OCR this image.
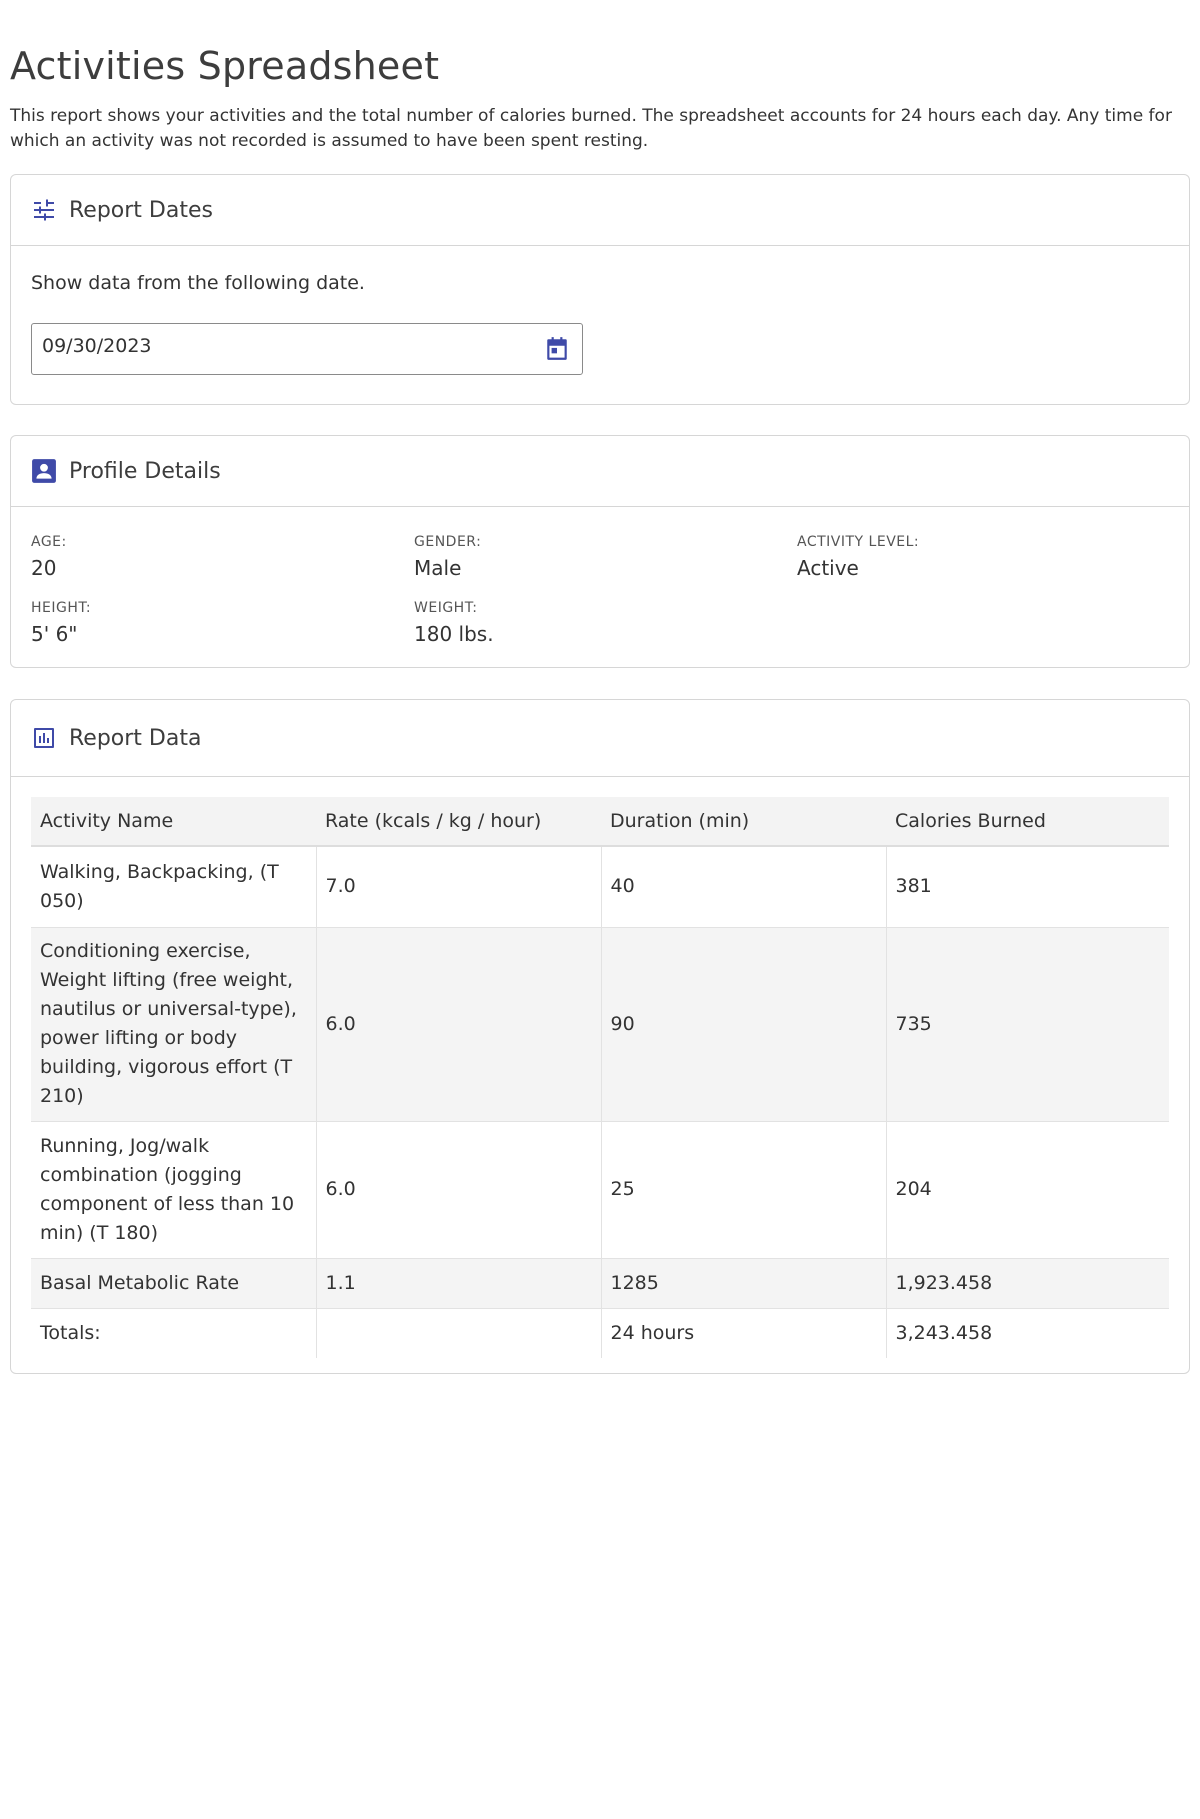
Activities Spreadsheet

This report shows your activities and the total number of calories burned. The spreadsheet accounts for 24 hours each day. Any time for which an activity was not recorded is assumed to have been spent resting.

Report Dates
Show data from the following date.
09/30/2023
Profile Details
AGE:
20
GENDER:
Male
ACTIVITY LEVEL:
Active
HEIGHT:
5' 6"
WEIGHT:
180 lbs.
Report Data
Activity Name	Rate (kcals / kg / hour)	Duration (min)	Calories Burned
Walking, Backpacking, (T 050)	7.0	40	381
Conditioning exercise, Weight lifting (free weight, nautilus or universal-type), power lifting or body building, vigorous effort (T 210)	6.0	90	735
Running, Jog/walk combination (jogging component of less than 10 min) (T 180)	6.0	25	204
Basal Metabolic Rate	1.1	1285	1,923.458
Totals:		24 hours	3,243.458
